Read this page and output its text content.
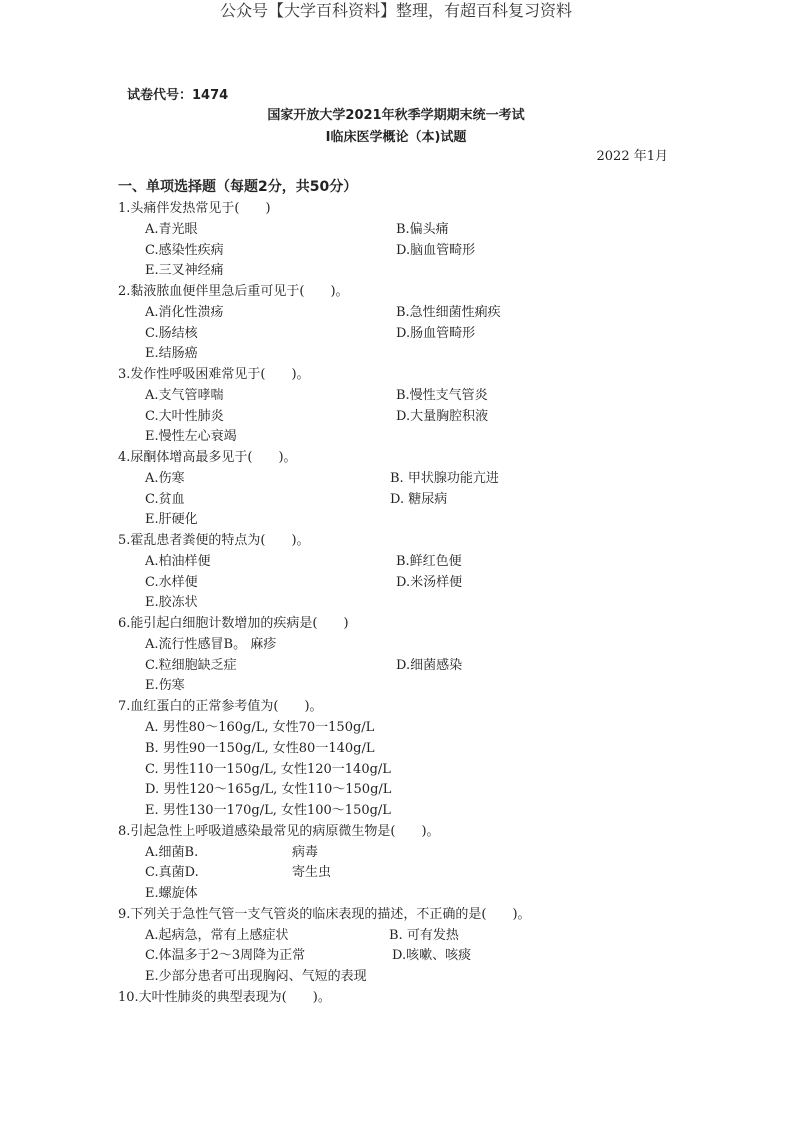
公众号【大学百科资料】整理，有超百科复习资料
试卷代号：1474
国家开放大学2021年秋季学期期末统一考试
I临床医学概论（本)试题
2022 年1月
一、单项选择题（每题2分，共50分）
1.头痛伴发热常见于(　　)
A.青光眼	B.偏头痛
C.感染性疾病	D.脑血管畸形
E.三叉神经痛
2.黏液脓血便伴里急后重可见于(　　)。
A.消化性溃疡	B.急性细菌性痢疾
C.肠结核	D.肠血管畸形
E.结肠癌
3.发作性呼吸困难常见于(　　)。
A.支气管哮喘	B.慢性支气管炎
C.大叶性肺炎	D.大量胸腔积液
E.慢性左心衰竭
4.尿酮体增高最多见于(　　)。
A.伤寒	B. 甲状腺功能亢进
C.贫血	D. 糖尿病
E.肝硬化
5.霍乱患者粪便的特点为(　　)。
A.柏油样便	B.鲜红色便
C.水样便	D.米汤样便
E.胶冻状
6.能引起白细胞计数增加的疾病是(　　)
A.流行性感冒B。 麻疹
C.粒细胞缺乏症	D.细菌感染
E.伤寒
7.血红蛋白的正常参考值为(　　)。
A. 男性80～160g/L, 女性70一150g/L
B. 男性90一150g/L, 女性80一140g/L
C. 男性110一150g/L, 女性120一140g/L
D. 男性120～165g/L, 女性110～150g/L
E. 男性130一170g/L, 女性100～150g/L
8.引起急性上呼吸道感染最常见的病原微生物是(　　)。
A.细菌B.	病毒
C.真菌D.	寄生虫
E.螺旋体
9.下列关于急性气管一支气管炎的临床表现的描述，不正确的是(　　)。
A.起病急，常有上感症状	B. 可有发热
C.体温多于2～3周降为正常	D.咳嗽、咳痰
E.少部分患者可出现胸闷、气短的表现
10.大叶性肺炎的典型表现为(　　)。
